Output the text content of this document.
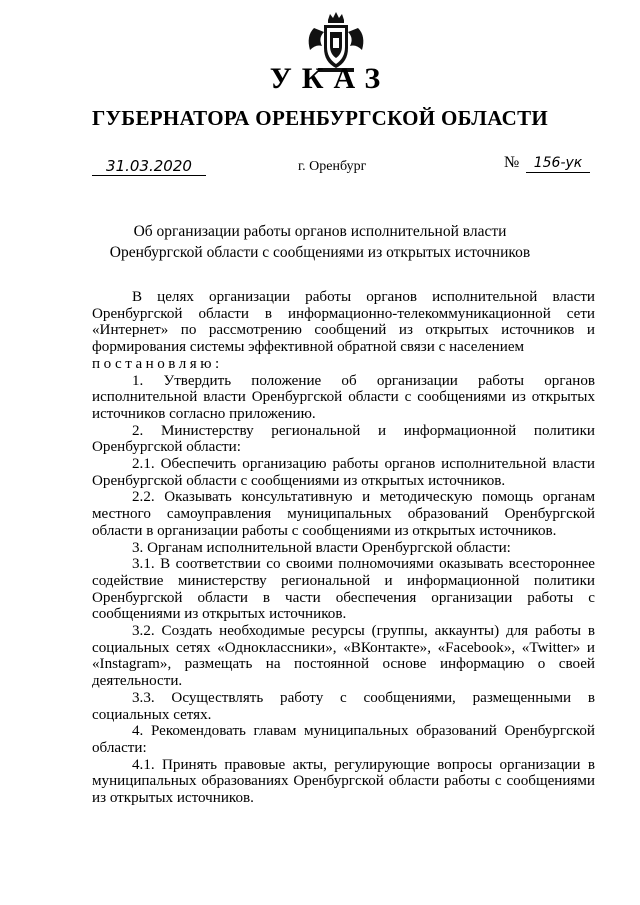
УКАЗ
ГУБЕРНАТОРА ОРЕНБУРГСКОЙ ОБЛАСТИ
31.03.2020	г. Оренбург	№	156-ук
Об организации работы органов исполнительной власти
Оренбургской области с сообщениями из открытых источников

В целях организации работы органов исполнительной власти Оренбургской области в информационно-телекоммуникационной сети «Интернет» по рассмотрению сообщений из открытых источников и формирования системы эффективной обратной связи с населением

постановляю:

1. Утвердить положение об организации работы органов исполнительной власти Оренбургской области с сообщениями из открытых источников согласно приложению.

2. Министерству региональной и информационной политики Оренбургской области:

2.1. Обеспечить организацию работы органов исполнительной власти Оренбургской области с сообщениями из открытых источников.

2.2. Оказывать консультативную и методическую помощь органам местного самоуправления муниципальных образований Оренбургской области в организации работы с сообщениями из открытых источников.

3. Органам исполнительной власти Оренбургской области:

3.1. В соответствии со своими полномочиями оказывать всестороннее содействие министерству региональной и информационной политики Оренбургской области в части обеспечения организации работы с сообщениями из открытых источников.

3.2. Создать необходимые ресурсы (группы, аккаунты) для работы в социальных сетях «Одноклассники», «ВКонтакте», «Facebook», «Twitter» и «Instagram», размещать на постоянной основе информацию о своей деятельности.

3.3. Осуществлять работу с сообщениями, размещенными в социальных сетях.

4. Рекомендовать главам муниципальных образований Оренбургской области:

4.1. Принять правовые акты, регулирующие вопросы организации в муниципальных образованиях Оренбургской области работы с сообщениями из открытых источников.
